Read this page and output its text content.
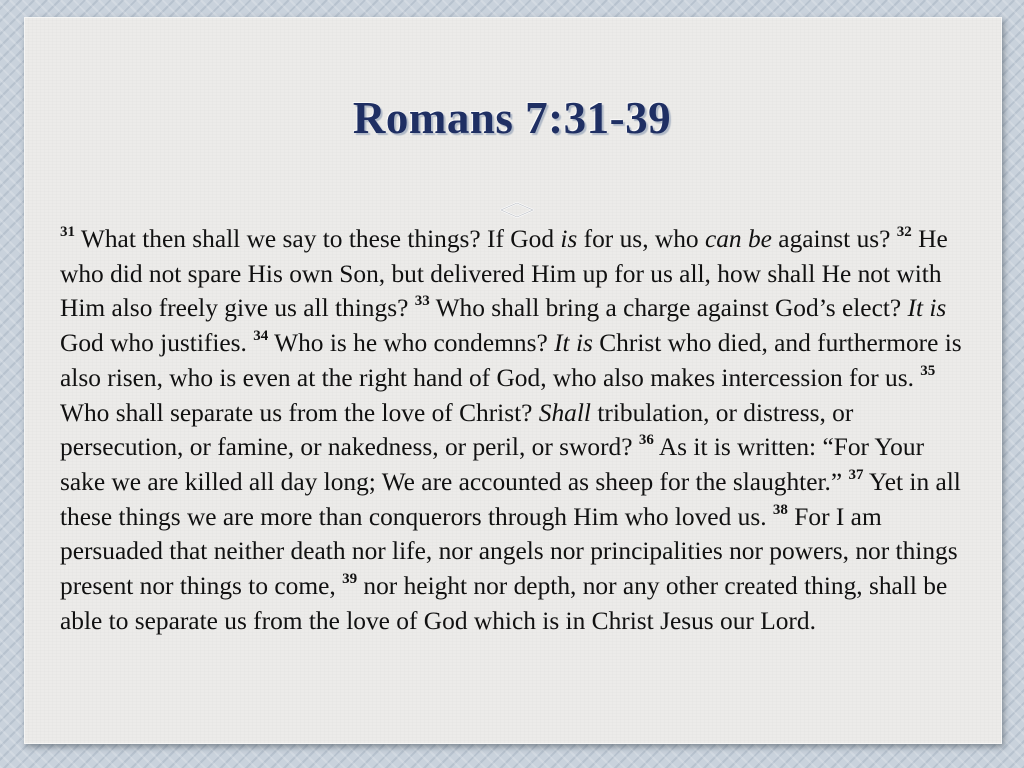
Romans 7:31-39

$^{31}$ What then shall we say to these things? If God is for us, who can be against us? $^{32}$ He who did not spare His own Son, but delivered Him up for us all, how shall He not with Him also freely give us all things? $^{33}$ Who shall bring a charge against God’s elect? It is God who justifies. $^{34}$ Who is he who condemns? It is Christ who died, and furthermore is also risen, who is even at the right hand of God, who also makes intercession for us. $^{35}$ Who shall separate us from the love of Christ? Shall tribulation, or distress, or persecution, or famine, or nakedness, or peril, or sword? $^{36}$ As it is written: “For Your sake we are killed all day long; We are accounted as sheep for the slaughter.” $^{37}$ Yet in all these things we are more than conquerors through Him who loved us. $^{38}$ For I am persuaded that neither death nor life, nor angels nor principalities nor powers, nor things present nor things to come, $^{39}$ nor height nor depth, nor any other created thing, shall be able to separate us from the love of God which is in Christ Jesus our Lord.
